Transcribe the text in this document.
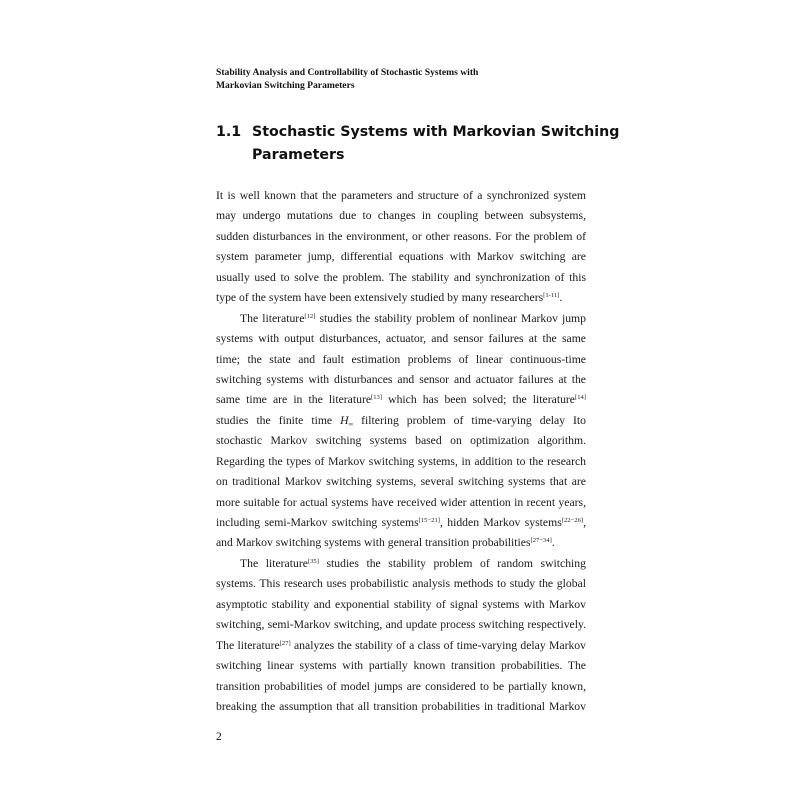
Stability Analysis and Controllability of Stochastic Systems with
Markovian Switching Parameters
1.1 Stochastic Systems with Markovian Switching
Parameters
It is well known that the parameters and structure of a synchronized system
may undergo mutations due to changes in coupling between subsystems,
sudden disturbances in the environment, or other reasons. For the problem of
system parameter jump, differential equations with Markov switching are
usually used to solve the problem. The stability and synchronization of this
type of the system have been extensively studied by many researchers[1-11].
The literature[12] studies the stability problem of nonlinear Markov jump
systems with output disturbances, actuator, and sensor failures at the same
time; the state and fault estimation problems of linear continuous-time
switching systems with disturbances and sensor and actuator failures at the
same time are in the literature[13] which has been solved; the literature[14]
studies the finite time $H_\infty$ filtering problem of time-varying delay Ito
stochastic Markov switching systems based on optimization algorithm.
Regarding the types of Markov switching systems, in addition to the research
on traditional Markov switching systems, several switching systems that are
more suitable for actual systems have received wider attention in recent years,
including semi-Markov switching systems[15−21], hidden Markov systems[22−26],
and Markov switching systems with general transition probabilities[27−34].
The literature[35] studies the stability problem of random switching
systems. This research uses probabilistic analysis methods to study the global
asymptotic stability and exponential stability of signal systems with Markov
switching, semi-Markov switching, and update process switching respectively.
The literature[27] analyzes the stability of a class of time-varying delay Markov
switching linear systems with partially known transition probabilities. The
transition probabilities of model jumps are considered to be partially known,
breaking the assumption that all transition probabilities in traditional Markov
2
